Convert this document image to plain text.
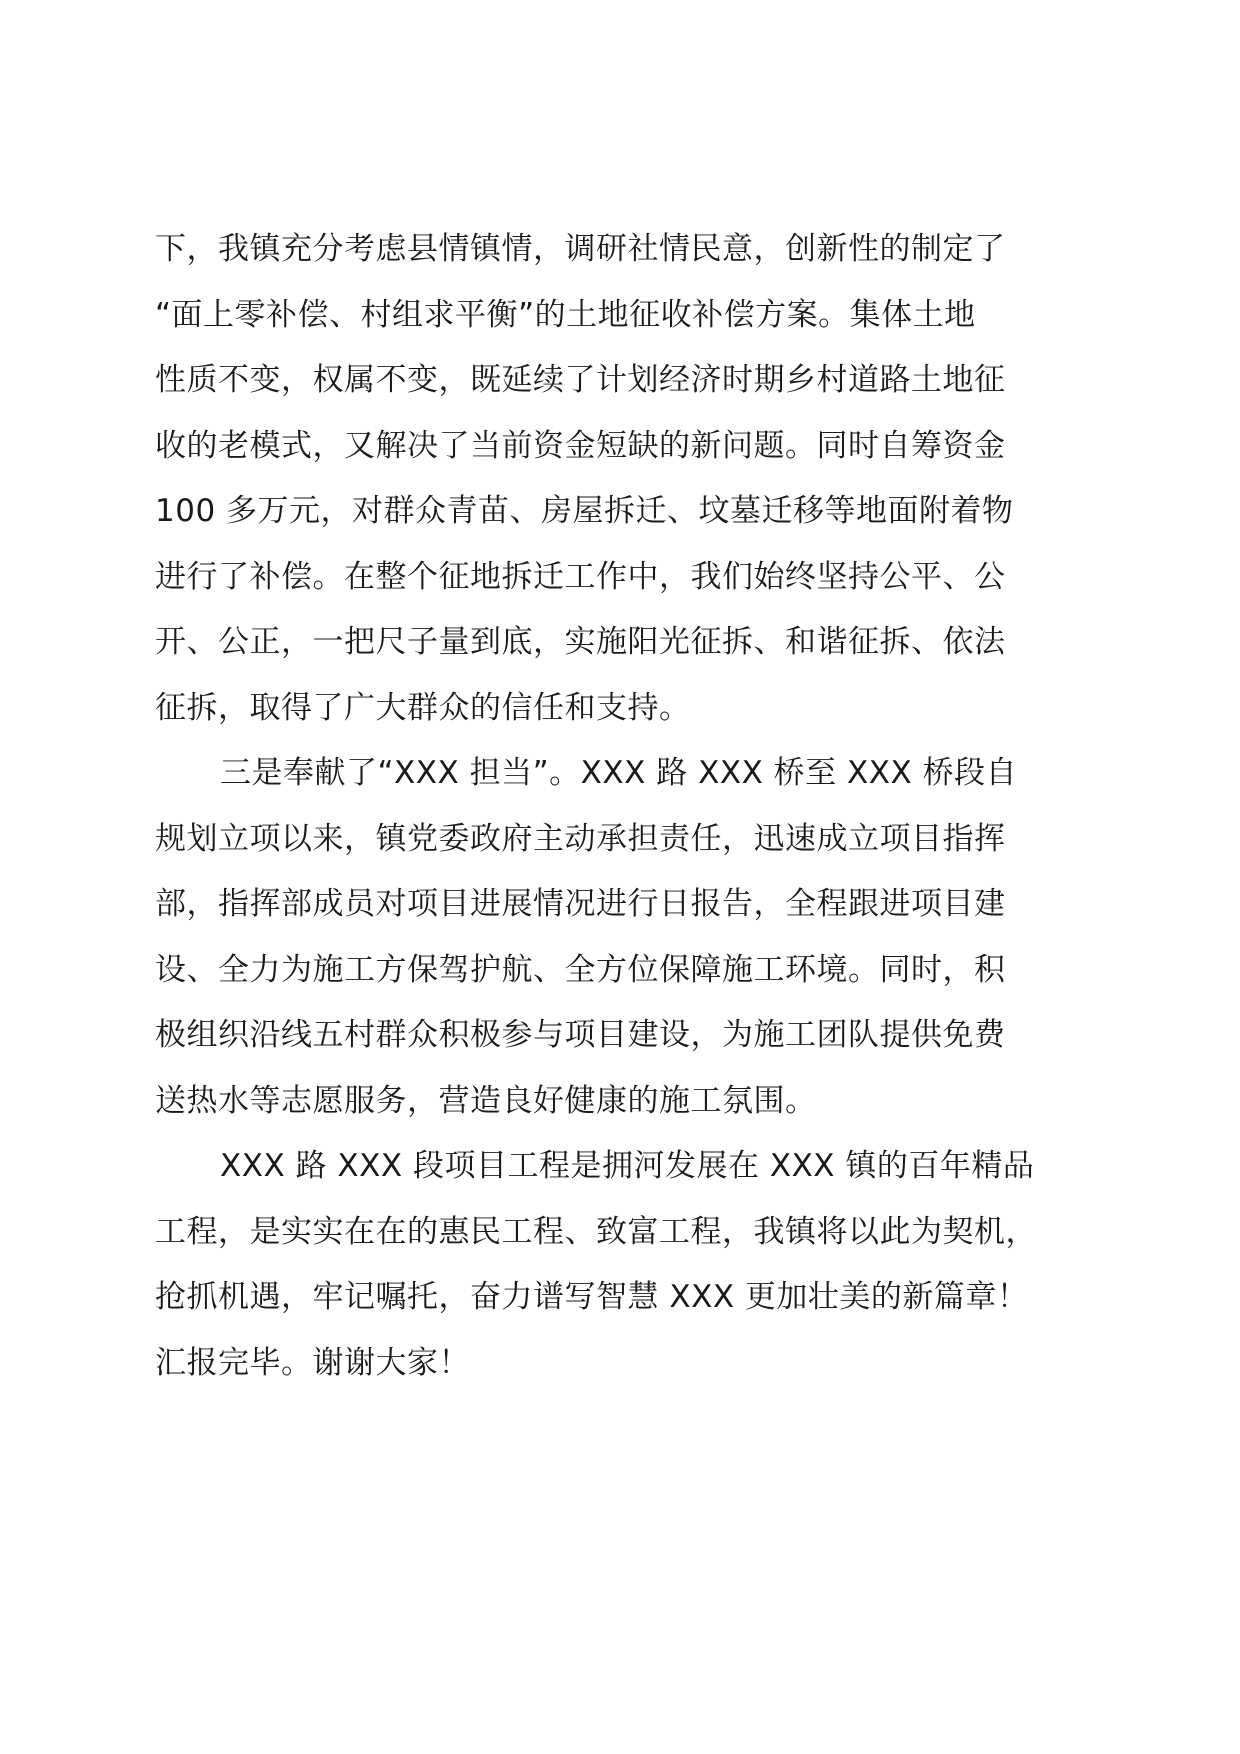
下，我镇充分考虑县情镇情，调研社情民意，创新性的制定了
“面上零补偿、村组求平衡”的土地征收补偿方案。集体土地
性质不变，权属不变，既延续了计划经济时期乡村道路土地征
收的老模式，又解决了当前资金短缺的新问题。同时自筹资金
100 多万元，对群众青苗、房屋拆迁、坟墓迁移等地面附着物
进行了补偿。在整个征地拆迁工作中，我们始终坚持公平、公
开、公正，一把尺子量到底，实施阳光征拆、和谐征拆、依法
征拆，取得了广大群众的信任和支持。
三是奉献了“XXX 担当”。XXX 路 XXX 桥至 XXX 桥段自
规划立项以来，镇党委政府主动承担责任，迅速成立项目指挥
部，指挥部成员对项目进展情况进行日报告，全程跟进项目建
设、全力为施工方保驾护航、全方位保障施工环境。同时，积
极组织沿线五村群众积极参与项目建设，为施工团队提供免费
送热水等志愿服务，营造良好健康的施工氛围。
XXX 路 XXX 段项目工程是拥河发展在 XXX 镇的百年精品
工程，是实实在在的惠民工程、致富工程，我镇将以此为契机，
抢抓机遇，牢记嘱托，奋力谱写智慧 XXX 更加壮美的新篇章！
汇报完毕。谢谢大家！
